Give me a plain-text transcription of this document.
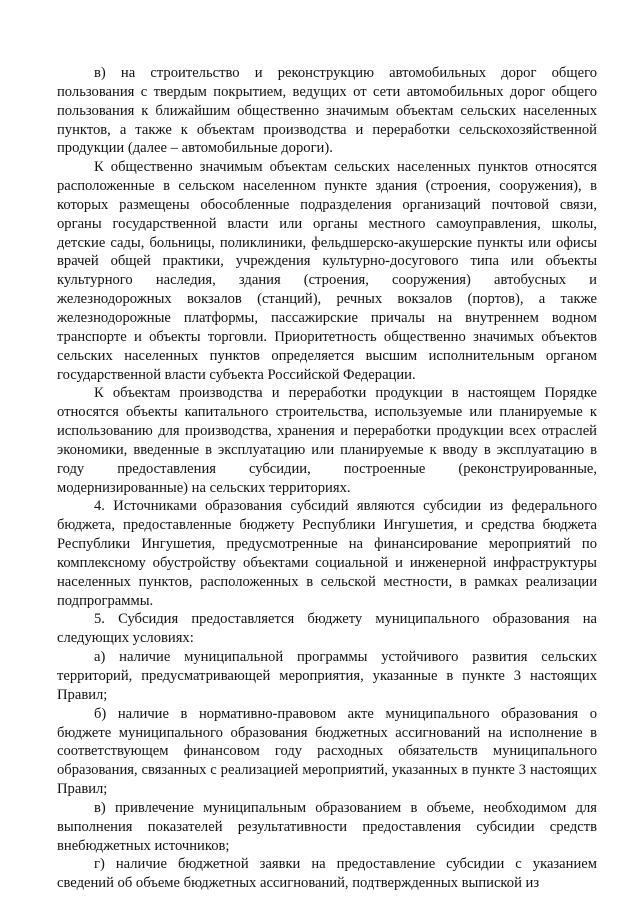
в) на строительство и реконструкцию автомобильных дорог общего пользования с твердым покрытием, ведущих от сети автомобильных дорог общего пользования к ближайшим общественно значимым объектам сельских населенных пунктов, а также к объектам производства и переработки сельскохозяйственной продукции (далее – автомобильные дороги).

К общественно значимым объектам сельских населенных пунктов относятся расположенные в сельском населенном пункте здания (строения, сооружения), в которых размещены обособленные подразделения организаций почтовой связи, органы государственной власти или органы местного самоуправления, школы, детские сады, больницы, поликлиники, фельдшерско-акушерские пункты или офисы врачей общей практики, учреждения культурно-досугового типа или объекты культурного наследия, здания (строения, сооружения) автобусных и железнодорожных вокзалов (станций), речных вокзалов (портов), а также железнодорожные платформы, пассажирские причалы на внутреннем водном транспорте и объекты торговли. Приоритетность общественно значимых объектов сельских населенных пунктов определяется высшим исполнительным органом государственной власти субъекта Российской Федерации.

К объектам производства и переработки продукции в настоящем Порядке относятся объекты капитального строительства, используемые или планируемые к использованию для производства, хранения и переработки продукции всех отраслей экономики, введенные в эксплуатацию или планируемые к вводу в эксплуатацию в году предоставления субсидии, построенные (реконструированные, модернизированные) на сельских территориях.

4. Источниками образования субсидий являются субсидии из федерального бюджета, предоставленные бюджету Республики Ингушетия, и средства бюджета Республики Ингушетия, предусмотренные на финансирование мероприятий по комплексному обустройству объектами социальной и инженерной инфраструктуры населенных пунктов, расположенных в сельской местности, в рамках реализации подпрограммы.

5. Субсидия предоставляется бюджету муниципального образования на следующих условиях:

а) наличие муниципальной программы устойчивого развития сельских территорий, предусматривающей мероприятия, указанные в пункте 3 настоящих Правил;

б) наличие в нормативно-правовом акте муниципального образования о бюджете муниципального образования бюджетных ассигнований на исполнение в соответствующем финансовом году расходных обязательств муниципального образования, связанных с реализацией мероприятий, указанных в пункте 3 настоящих Правил;

в) привлечение муниципальным образованием в объеме, необходимом для выполнения показателей результативности предоставления субсидии средств внебюджетных источников;

г) наличие бюджетной заявки на предоставление субсидии с указанием сведений об объеме бюджетных ассигнований, подтвержденных выпиской из
